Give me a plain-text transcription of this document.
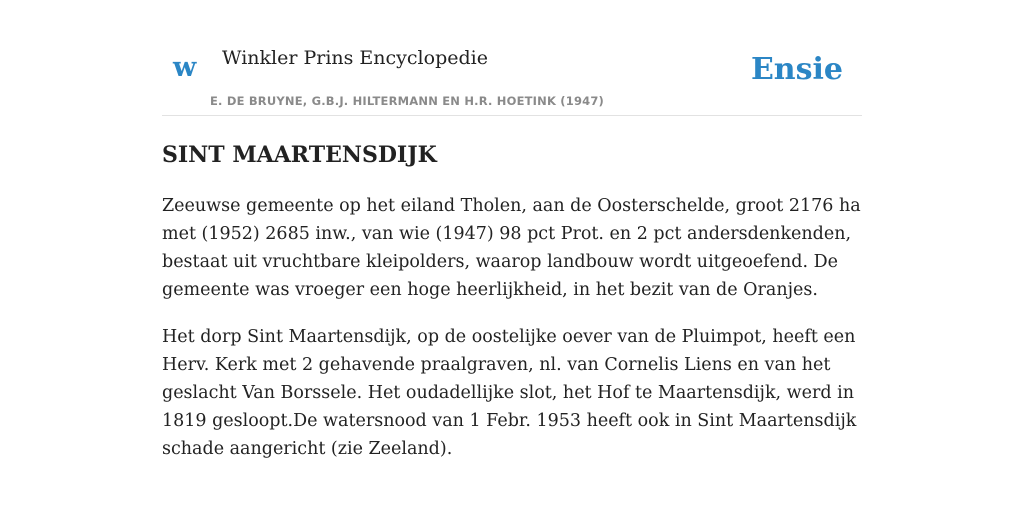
w Winkler Prins Encyclopedie
E. DE BRUYNE, G.B.J. HILTERMANN EN H.R. HOETINK (1947)
Ensie
SINT MAARTENSDIJK

Zeeuwse gemeente op het eiland Tholen, aan de Oosterschelde, groot 2176 ha met (1952) 2685 inw., van wie (1947) 98 pct Prot. en 2 pct andersdenkenden, bestaat uit vruchtbare kleipolders, waarop landbouw wordt uitgeoefend. De gemeente was vroeger een hoge heerlijkheid, in het bezit van de Oranjes.

Het dorp Sint Maartensdijk, op de oostelijke oever van de Pluimpot, heeft een Herv. Kerk met 2 gehavende praalgraven, nl. van Cornelis Liens en van het geslacht Van Borssele. Het oudadellijke slot, het Hof te Maartensdijk, werd in 1819 gesloopt.De watersnood van 1 Febr. 1953 heeft ook in Sint Maartensdijk schade aangericht (zie Zeeland).
